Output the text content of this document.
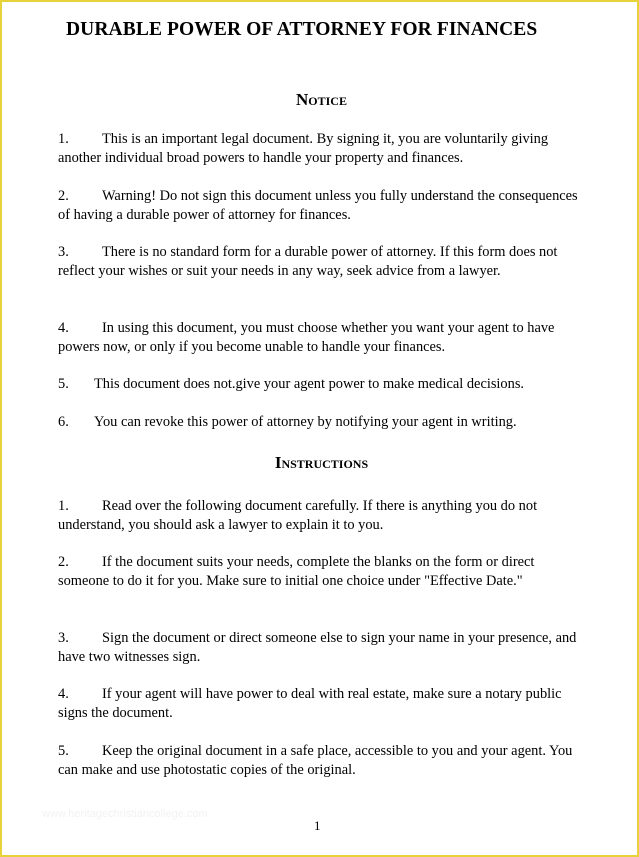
DURABLE POWER OF ATTORNEY FOR FINANCES
Notice
1. This is an important legal document. By signing it, you are voluntarily giving another individual broad powers to handle your property and finances.
2. Warning! Do not sign this document unless you fully understand the consequences of having a durable power of attorney for finances.
3. There is no standard form for a durable power of attorney. If this form does not reflect your wishes or suit your needs in any way, seek advice from a lawyer.
4. In using this document, you must choose whether you want your agent to have powers now, or only if you become unable to handle your finances.
5. This document does not.give your agent power to make medical decisions.
6. You can revoke this power of attorney by notifying your agent in writing.
Instructions
1. Read over the following document carefully. If there is anything you do not understand, you should ask a lawyer to explain it to you.
2. If the document suits your needs, complete the blanks on the form or direct someone to do it for you. Make sure to initial one choice under "Effective Date."
3. Sign the document or direct someone else to sign your name in your presence, and have two witnesses sign.
4. If your agent will have power to deal with real estate, make sure a notary public signs the document.
5. Keep the original document in a safe place, accessible to you and your agent. You can make and use photostatic copies of the original.
www.heritagechristiancollege.com
1
